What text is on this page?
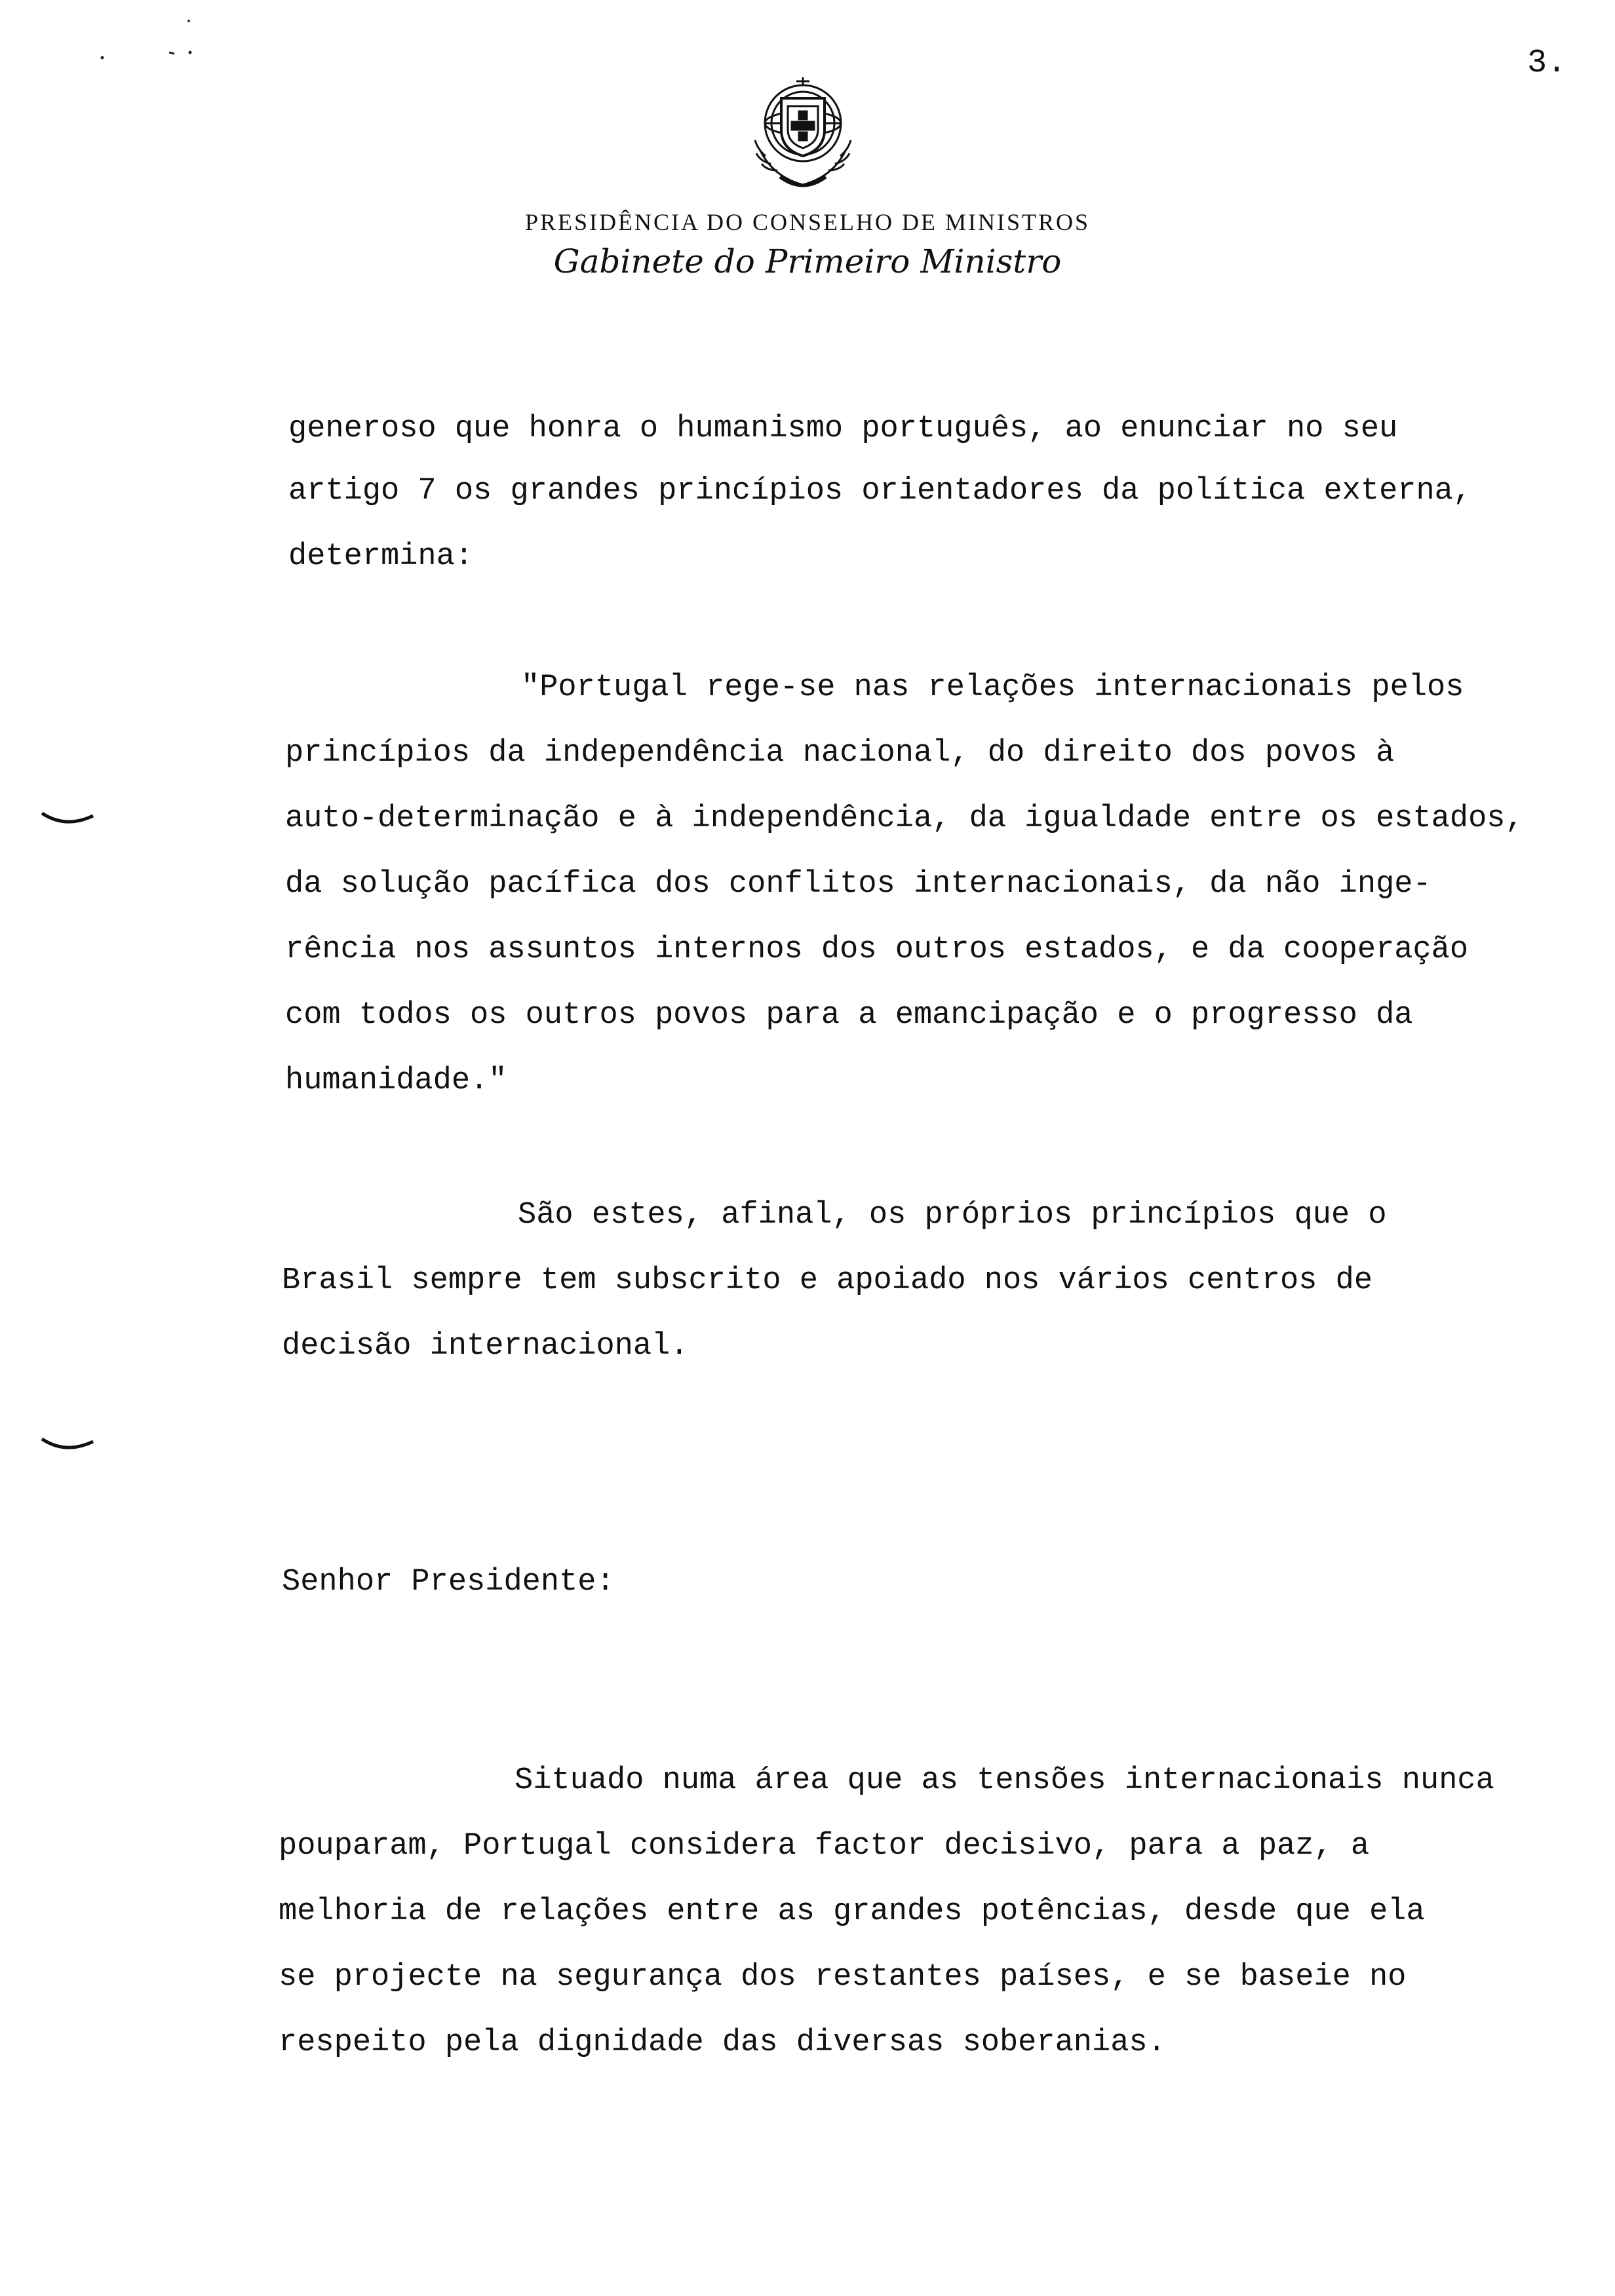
3.
PRESIDÊNCIA DO CONSELHO DE MINISTROS
Gabinete do Primeiro Ministro
generoso que honra o humanismo português, ao enunciar no seu
artigo 7 os grandes princípios orientadores da política externa,
determina:
"Portugal rege-se nas relações internacionais pelos
princípios da independência nacional, do direito dos povos à
auto-determinação e à independência, da igualdade entre os estados,
da solução pacífica dos conflitos internacionais, da não inge-
rência nos assuntos internos dos outros estados, e da cooperação
com todos os outros povos para a emancipação e o progresso da
humanidade."
São estes, afinal, os próprios princípios que o
Brasil sempre tem subscrito e apoiado nos vários centros de
decisão internacional.
Senhor Presidente:
Situado numa área que as tensões internacionais nunca
pouparam, Portugal considera factor decisivo, para a paz, a
melhoria de relações entre as grandes potências, desde que ela
se projecte na segurança dos restantes países, e se baseie no
respeito pela dignidade das diversas soberanias.
